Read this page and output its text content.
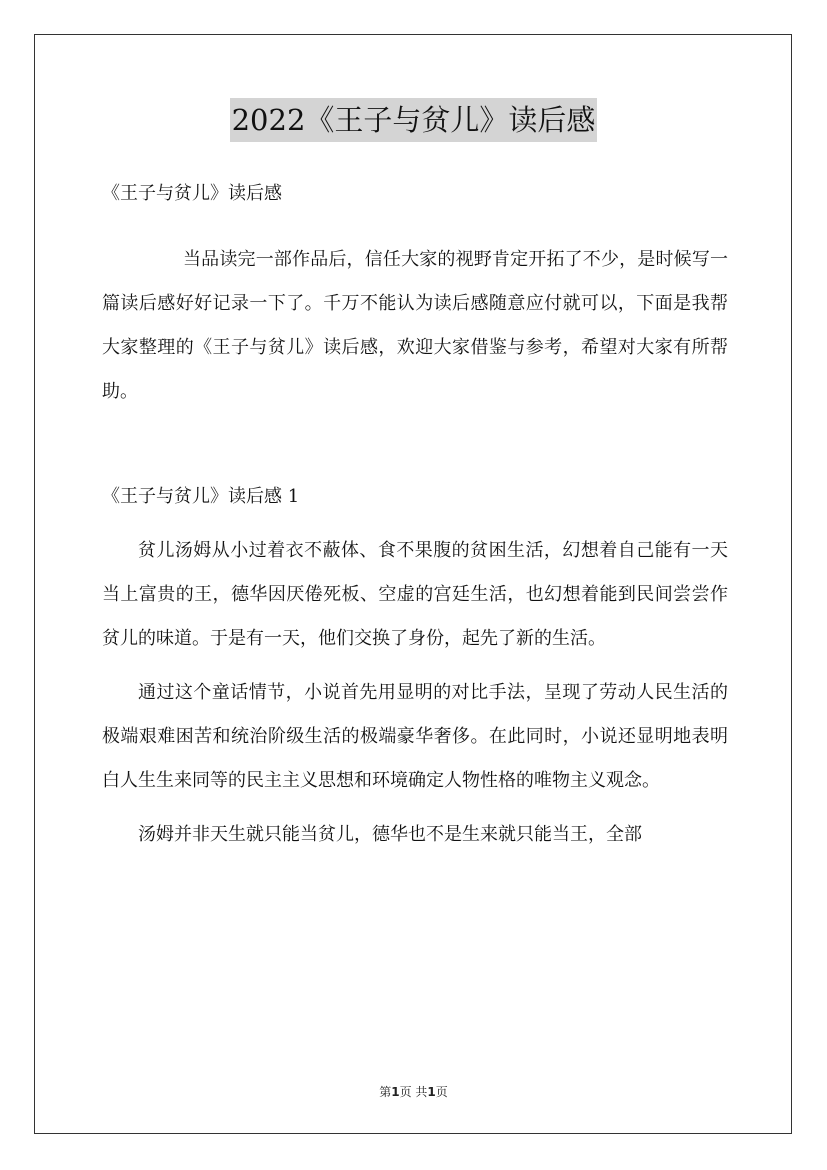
2022《王子与贫儿》读后感

《王子与贫儿》读后感

当品读完一部作品后，信任大家的视野肯定开拓了不少，是时候写一篇读后感好好记录一下了。千万不能认为读后感随意应付就可以，下面是我帮大家整理的《王子与贫儿》读后感，欢迎大家借鉴与参考，希望对大家有所帮助。

《王子与贫儿》读后感 1

贫儿汤姆从小过着衣不蔽体、食不果腹的贫困生活，幻想着自己能有一天当上富贵的王，德华因厌倦死板、空虚的宫廷生活，也幻想着能到民间尝尝作贫儿的味道。于是有一天，他们交换了身份，起先了新的生活。

通过这个童话情节，小说首先用显明的对比手法，呈现了劳动人民生活的极端艰难困苦和统治阶级生活的极端豪华奢侈。在此同时，小说还显明地表明白人生生来同等的民主主义思想和环境确定人物性格的唯物主义观念。

汤姆并非天生就只能当贫儿，德华也不是生来就只能当王，全部

第1页 共1页
